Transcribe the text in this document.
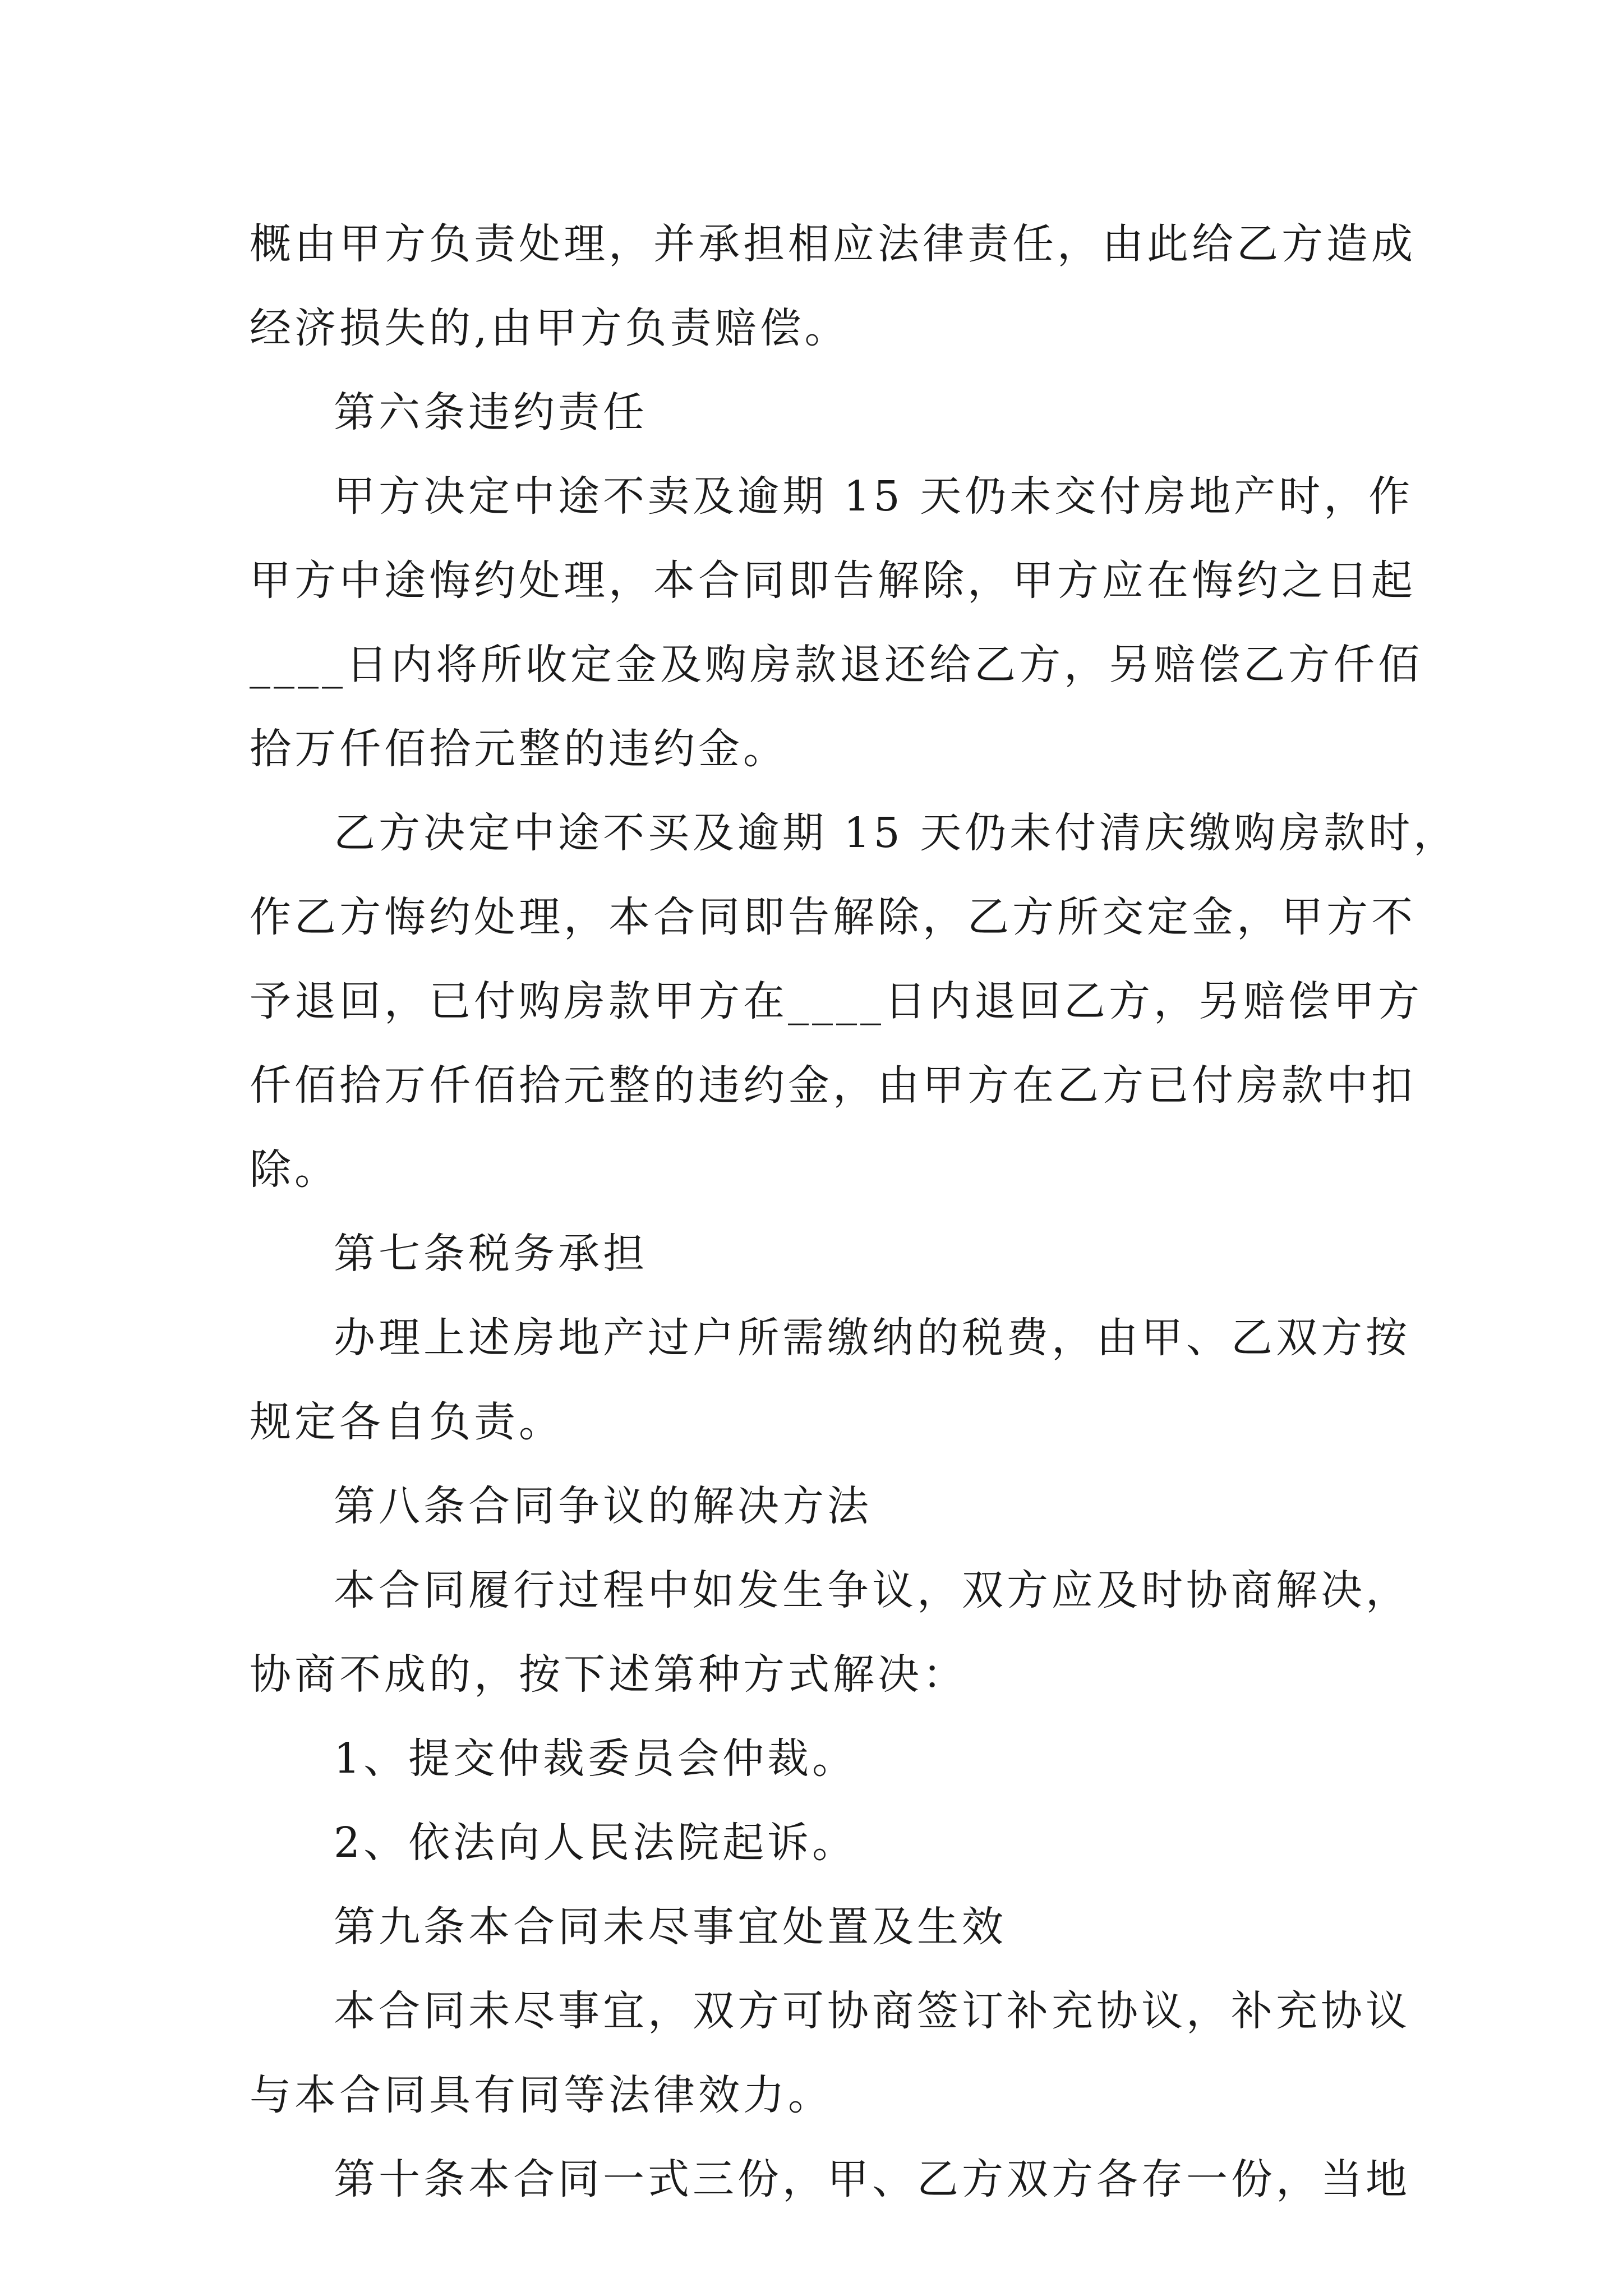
概由甲方负责处理，并承担相应法律责任，由此给乙方造成

经济损失的,由甲方负责赔偿。

第六条违约责任

甲方决定中途不卖及逾期 15 天仍未交付房地产时，作

甲方中途悔约处理，本合同即告解除，甲方应在悔约之日起

____日内将所收定金及购房款退还给乙方，另赔偿乙方仟佰

拾万仟佰拾元整的违约金。

乙方决定中途不买及逾期 15 天仍未付清庆缴购房款时，

作乙方悔约处理，本合同即告解除，乙方所交定金，甲方不

予退回，已付购房款甲方在____日内退回乙方，另赔偿甲方

仟佰拾万仟佰拾元整的违约金，由甲方在乙方已付房款中扣

除。

第七条税务承担

办理上述房地产过户所需缴纳的税费，由甲、乙双方按

规定各自负责。

第八条合同争议的解决方法

本合同履行过程中如发生争议，双方应及时协商解决，

协商不成的，按下述第种方式解决：

1、提交仲裁委员会仲裁。

2、依法向人民法院起诉。

第九条本合同未尽事宜处置及生效

本合同未尽事宜，双方可协商签订补充协议，补充协议

与本合同具有同等法律效力。

第十条本合同一式三份，甲、乙方双方各存一份，当地
